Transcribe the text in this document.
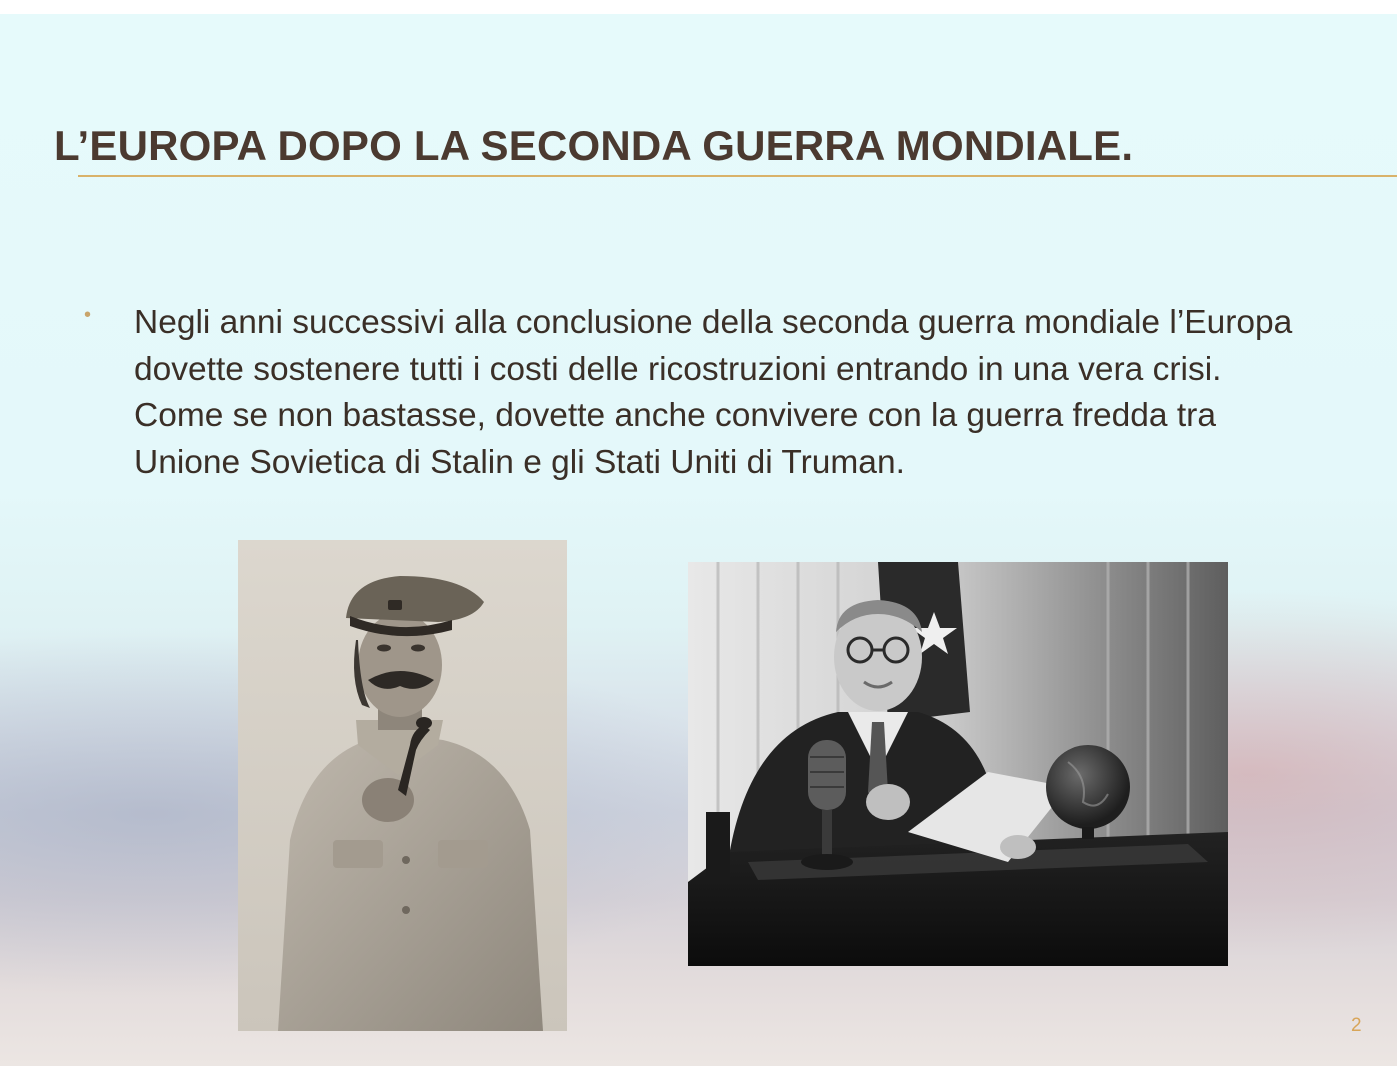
L’EUROPA DOPO LA SECONDA GUERRA MONDIALE.
• Negli anni successivi alla conclusione della seconda guerra mondiale l’Europa dovette sostenere tutti i costi delle ricostruzioni entrando in una vera crisi. Come se non bastasse, dovette anche convivere con la guerra fredda tra Unione Sovietica di Stalin e gli Stati Uniti di Truman.

2
